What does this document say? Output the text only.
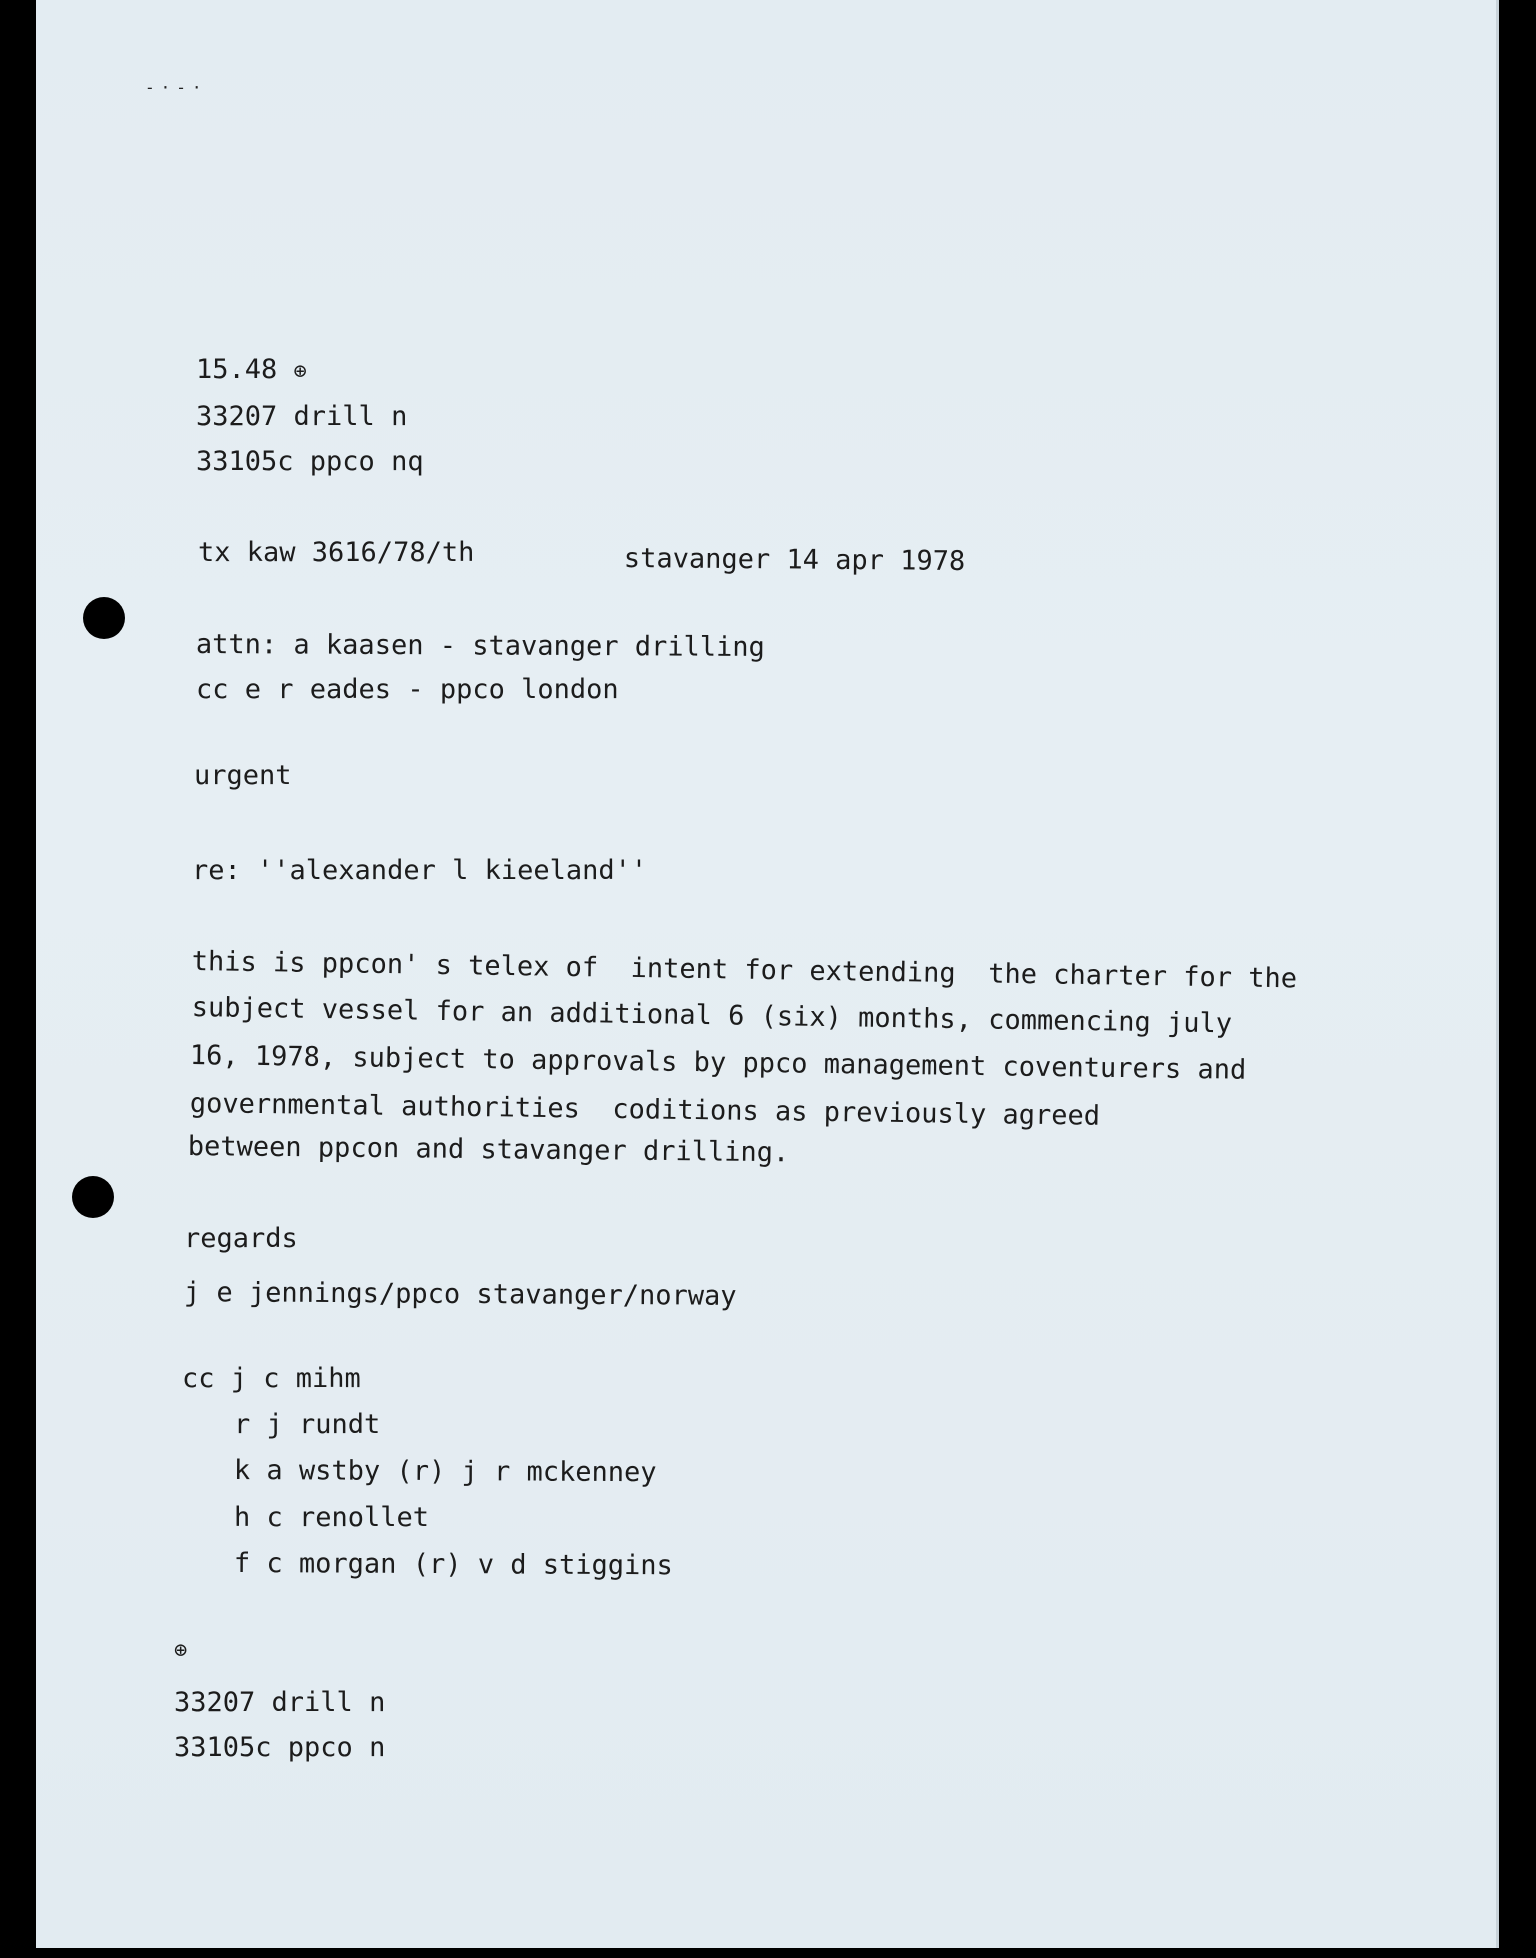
-·-·
15.48 ⊕
33207 drill n
33105c ppco nq
tx kaw 3616/78/th	stavanger 14 apr 1978
attn: a kaasen - stavanger drilling
cc e r eades - ppco london
urgent
re: ''alexander l kieeland''
this is ppcon' s telex of  intent for extending  the charter for the
subject vessel for an additional 6 (six) months, commencing july
16, 1978, subject to approvals by ppco management coventurers and
governmental authorities  coditions as previously agreed
between ppcon and stavanger drilling.
regards
j e jennings/ppco stavanger/norway
cc j c mihm
r j rundt
k a wstby (r) j r mckenney
h c renollet
f c morgan (r) v d stiggins
⊕
33207 drill n
33105c ppco n
